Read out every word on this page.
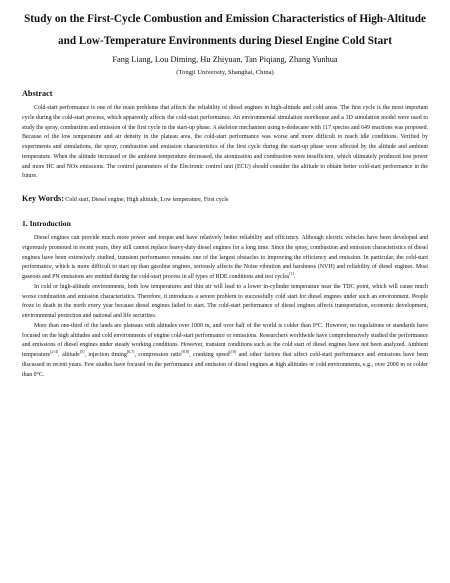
Study on the First-Cycle Combustion and Emission Characteristics of High-Altitude
and Low-Temperature Environments during Diesel Engine Cold Start
Fang Liang, Lou Diming, Hu Zhiyuan, Tan Piqiang, Zhang Yunhua
(Tongji University, Shanghai, China)
Abstract

Cold-start performance is one of the main problems that affects the reliability of diesel engines in high-altitude and cold areas. The first cycle is the most important cycle during the cold-start process, which apparently affects the cold-start performance. An environmental simulation storehouse and a 3D simulation model were used to study the spray, combustion and emission of the first cycle in the start-up phase. A skeleton mechanism using n-dodecane with 117 species and 649 reactions was proposed. Because of the low temperature and air density in the plateau area, the cold-start performance was worse and more difficult to reach idle conditions. Verified by experiments and simulations, the spray, combustion and emission characteristics of the first cycle during the start-up phase were affected by the altitude and ambient temperature. When the altitude increased or the ambient temperature decreased, the atomization and combustion were insufficient, which ultimately produced less power and more HC and NOx emissions. The control parameters of the Electronic control unit (ECU) should consider the altitude to obtain better cold-start performance in the future.

Key Words: Cold start, Diesel engine, High altitude, Low temperature, First cycle
1. Introduction

Diesel engines can provide much more power and torque and have relatively better reliability and efficiency. Although electric vehicles have been developed and vigorously promoted in recent years, they still cannot replace heavy-duty diesel engines for a long time. Since the spray, combustion and emission characteristics of diesel engines have been extensively studied, transient performance remains one of the largest obstacles to improving the efficiency and emission. In particular, the cold-start performance, which is more difficult to start up than gasoline engines, seriously affects the Noise vibration and harshness (NVH) and reliability of diesel engines. Most gaseous and PN emissions are emitted during the cold-start process in all types of RDE conditions and test cycles[1].

In cold or high-altitude environments, both low temperatures and thin air will lead to a lower in-cylinder temperature near the TDC point, which will cause much worse combustion and emission characteristics. Therefore, it introduces a severe problem to successfully cold start for diesel engines under such an environment. People froze to death in the north every year because diesel engines failed to start. The cold-start performance of diesel engines affects transportation, economic development, environmental protection and national and life securities.

More than one-third of the lands are plateaus with altitudes over 1000 m, and over half of the world is colder than 0°C. However, no regulations or standards have focused on the high altitudes and cold environments of engine cold-start performance or emissions. Researchers worldwide have comprehensively studied the performance and emissions of diesel engines under steady working conditions. However, transient conditions such as the cold start of diesel engines have not been analyzed. Ambient temperature[2-4], altitude[5], injection timing[6,7], compression ratio[8,9], cranking speed[10] and other factors that affect cold-start performance and emissions have been discussed in recent years. Few studies have focused on the performance and emission of diesel engines at high altitudes or cold environments, e.g., over 2000 m or colder than 0°C.
